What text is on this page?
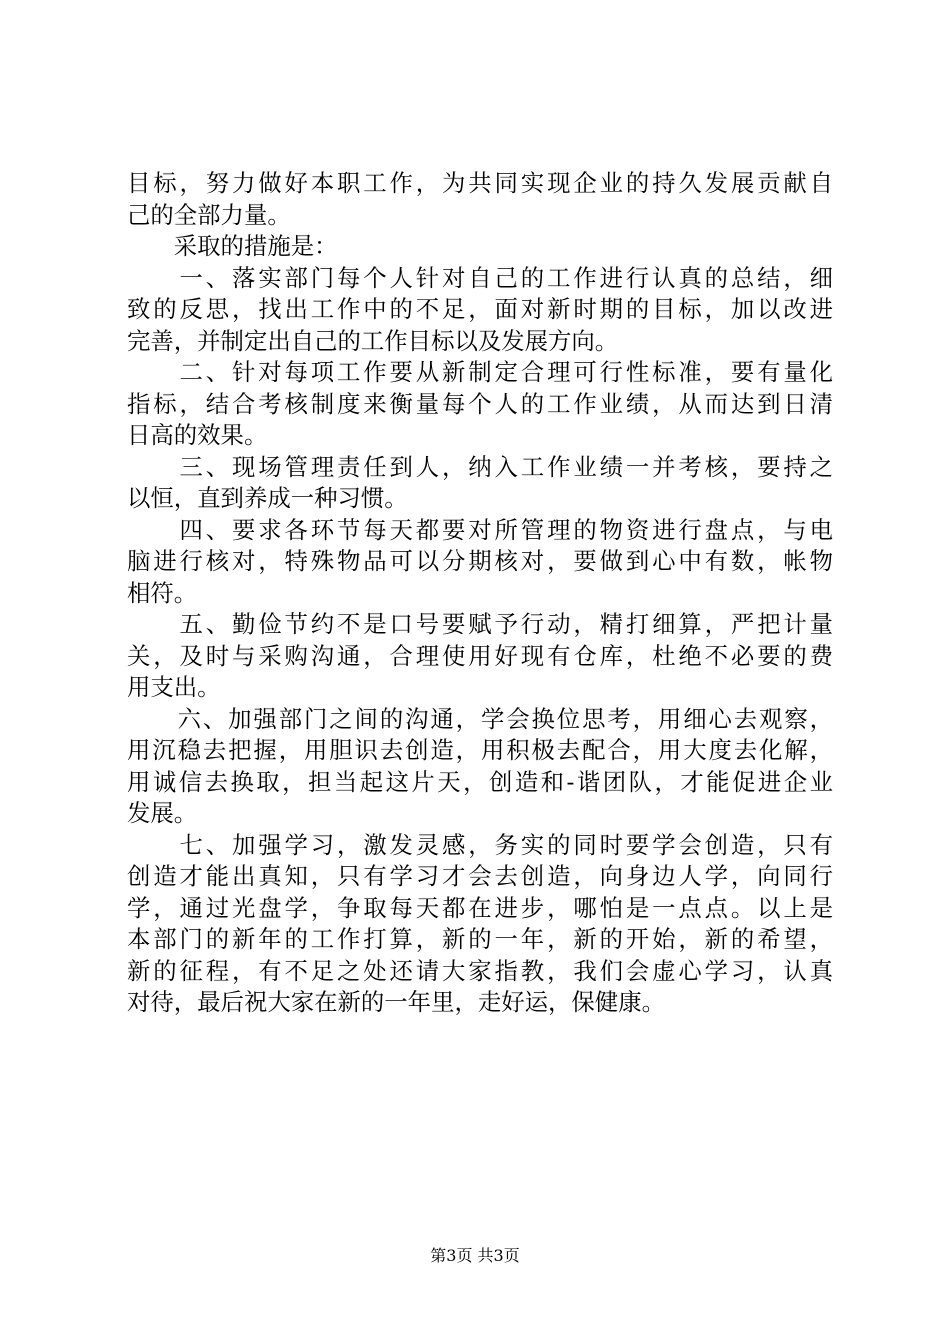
目标，努力做好本职工作，为共同实现企业的持久发展贡献自
己的全部力量。
　　采取的措施是：
　　一、落实部门每个人针对自己的工作进行认真的总结，细
致的反思，找出工作中的不足，面对新时期的目标，加以改进
完善，并制定出自己的工作目标以及发展方向。
　　二、针对每项工作要从新制定合理可行性标准，要有量化
指标，结合考核制度来衡量每个人的工作业绩，从而达到日清
日高的效果。
　　三、现场管理责任到人，纳入工作业绩一并考核，要持之
以恒，直到养成一种习惯。
　　四、要求各环节每天都要对所管理的物资进行盘点，与电
脑进行核对，特殊物品可以分期核对，要做到心中有数，帐物
相符。
　　五、勤俭节约不是口号要赋予行动，精打细算，严把计量
关，及时与采购沟通，合理使用好现有仓库，杜绝不必要的费
用支出。
　　六、加强部门之间的沟通，学会换位思考，用细心去观察，
用沉稳去把握，用胆识去创造，用积极去配合，用大度去化解，
用诚信去换取，担当起这片天，创造和-谐团队，才能促进企业
发展。
　　七、加强学习，激发灵感，务实的同时要学会创造，只有
创造才能出真知，只有学习才会去创造，向身边人学，向同行
学，通过光盘学，争取每天都在进步，哪怕是一点点。以上是
本部门的新年的工作打算，新的一年，新的开始，新的希望，
新的征程，有不足之处还请大家指教，我们会虚心学习，认真
对待，最后祝大家在新的一年里，走好运，保健康。
第3页 共3页
